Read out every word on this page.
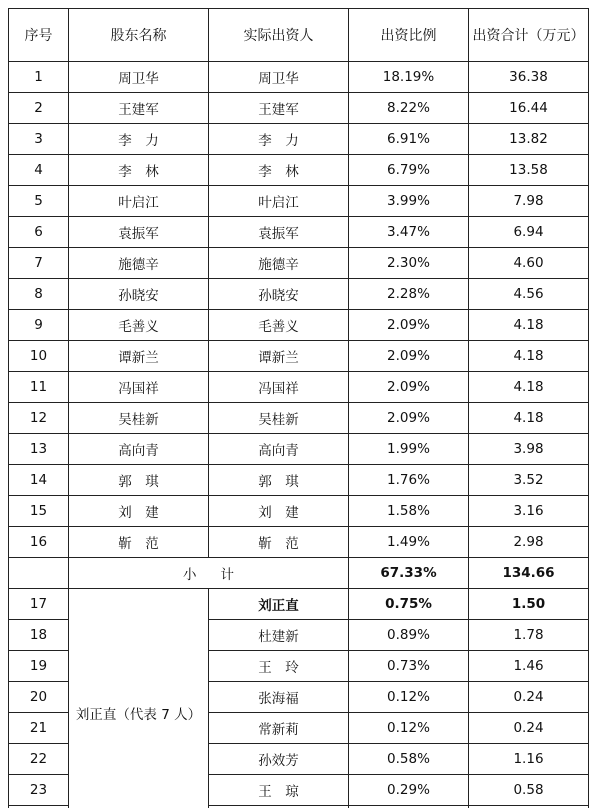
序号	股东名称	实际出资人	出资比例	出资合计（万元）
1	周卫华	周卫华	18.19%	36.38
2	王建军	王建军	8.22%	16.44
3	李　力	李　力	6.91%	13.82
4	李　林	李　林	6.79%	13.58
5	叶启江	叶启江	3.99%	7.98
6	袁振军	袁振军	3.47%	6.94
7	施德辛	施德辛	2.30%	4.60
8	孙晓安	孙晓安	2.28%	4.56
9	毛善义	毛善义	2.09%	4.18
10	谭新兰	谭新兰	2.09%	4.18
11	冯国祥	冯国祥	2.09%	4.18
12	吴桂新	吴桂新	2.09%	4.18
13	高向青	高向青	1.99%	3.98
14	郭　琪	郭　琪	1.76%	3.52
15	刘　建	刘　建	1.58%	3.16
16	靳　范	靳　范	1.49%	2.98
	小计		67.33%	134.66
17	刘正直（代表 7 人）	刘正直	0.75%	1.50
18		杜建新	0.89%	1.78
19		王　玲	0.73%	1.46
20		张海福	0.12%	0.24
21		常新莉	0.12%	0.24
22		孙效芳	0.58%	1.16
23		王　琼	0.29%	0.58
